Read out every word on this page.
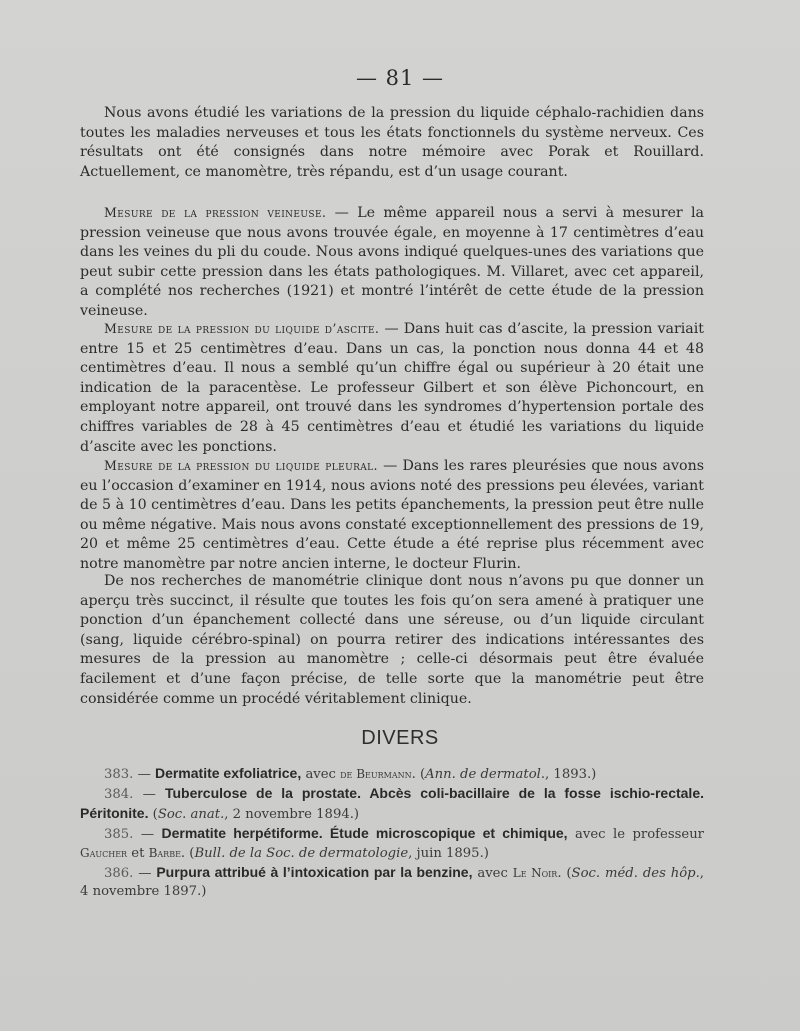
— 81 —

Nous avons étudié les variations de la pression du liquide céphalo-rachidien dans toutes les maladies nerveuses et tous les états fonctionnels du système nerveux. Ces résultats ont été consignés dans notre mémoire avec Porak et Rouillard. Actuellement, ce manomètre, très répandu, est d’un usage courant.

Mesure de la pression veineuse. — Le même appareil nous a servi à mesurer la pression veineuse que nous avons trouvée égale, en moyenne à 17 centimètres d’eau dans les veines du pli du coude. Nous avons indiqué quelques-unes des variations que peut subir cette pression dans les états pathologiques. M. Villaret, avec cet appareil, a complété nos recherches (1921) et montré l’intérêt de cette étude de la pression veineuse.

Mesure de la pression du liquide d’ascite. — Dans huit cas d’ascite, la pression variait entre 15 et 25 centimètres d’eau. Dans un cas, la ponction nous donna 44 et 48 centimètres d’eau. Il nous a semblé qu’un chiffre égal ou supérieur à 20 était une indication de la paracentèse. Le professeur Gilbert et son élève Pichoncourt, en employant notre appareil, ont trouvé dans les syndromes d’hypertension portale des chiffres variables de 28 à 45 centimètres d’eau et étudié les variations du liquide d’ascite avec les ponctions.

Mesure de la pression du liquide pleural. — Dans les rares pleurésies que nous avons eu l’occasion d’examiner en 1914, nous avions noté des pressions peu élevées, variant de 5 à 10 centimètres d’eau. Dans les petits épanchements, la pression peut être nulle ou même négative. Mais nous avons constaté exceptionnellement des pressions de 19, 20 et même 25 centimètres d’eau. Cette étude a été reprise plus récemment avec notre manomètre par notre ancien interne, le docteur Flurin.

De nos recherches de manométrie clinique dont nous n’avons pu que donner un aperçu très succinct, il résulte que toutes les fois qu’on sera amené à pratiquer une ponction d’un épanchement collecté dans une séreuse, ou d’un liquide circulant (sang, liquide cérébro-spinal) on pourra retirer des indications intéressantes des mesures de la pression au manomètre ; celle-ci désormais peut être évaluée facilement et d’une façon précise, de telle sorte que la manométrie peut être considérée comme un procédé véritablement clinique.

DIVERS

383. — Dermatite exfoliatrice, avec de Beurmann. (Ann. de dermatol., 1893.)

384. — Tuberculose de la prostate. Abcès coli-bacillaire de la fosse ischio-rectale. Péritonite. (Soc. anat., 2 novembre 1894.)

385. — Dermatite herpétiforme. Étude microscopique et chimique, avec le professeur Gaucher et Barbe. (Bull. de la Soc. de dermatologie, juin 1895.)

386. — Purpura attribué à l’intoxication par la benzine, avec Le Noir. (Soc. méd. des hôp., 4 novembre 1897.)
